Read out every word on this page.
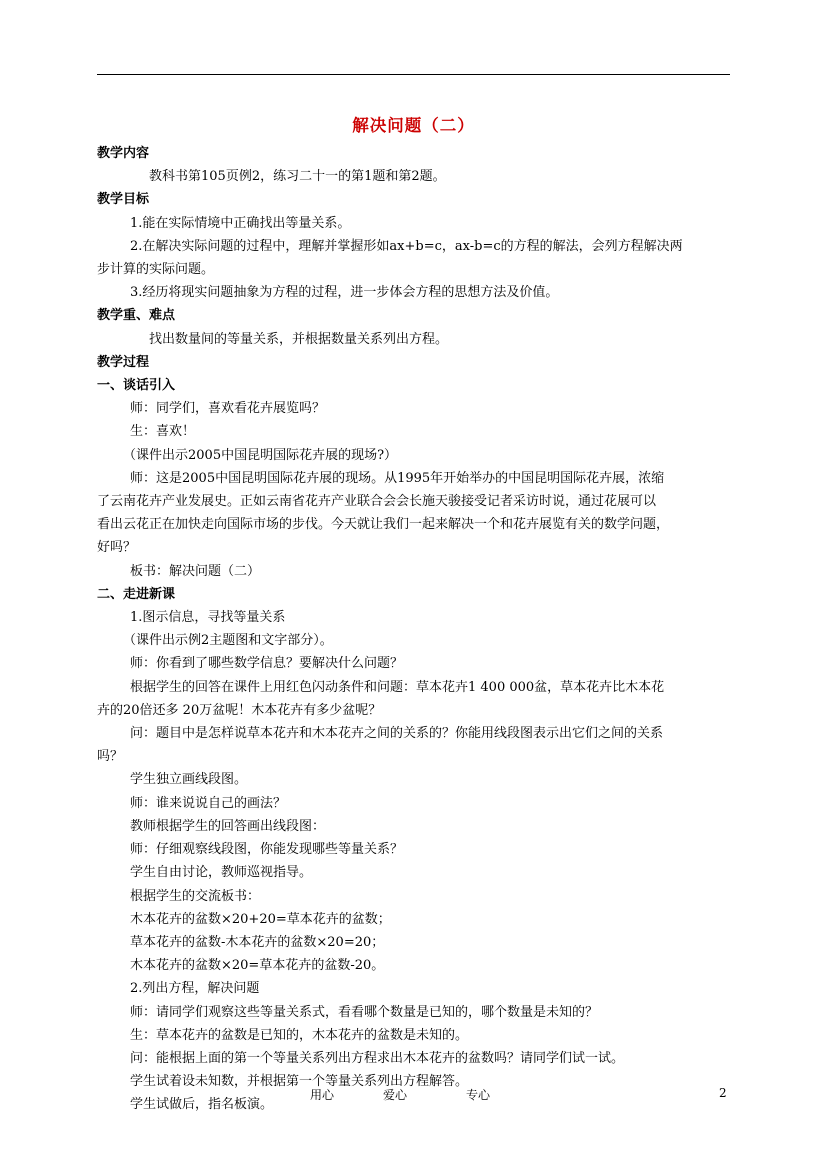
解决问题（二）

教学内容

教科书第105页例2，练习二十一的第1题和第2题。

教学目标

1.能在实际情境中正确找出等量关系。

2.在解决实际问题的过程中，理解并掌握形如ax+b=c，ax-b=c的方程的解法，会列方程解决两

步计算的实际问题。

3.经历将现实问题抽象为方程的过程，进一步体会方程的思想方法及价值。

教学重、难点

找出数量间的等量关系，并根据数量关系列出方程。

教学过程

一、谈话引入

师：同学们，喜欢看花卉展览吗？

生：喜欢！

（课件出示2005中国昆明国际花卉展的现场?）

师：这是2005中国昆明国际花卉展的现场。从1995年开始举办的中国昆明国际花卉展，浓缩

了云南花卉产业发展史。正如云南省花卉产业联合会会长施天骏接受记者采访时说，通过花展可以

看出云花正在加快走向国际市场的步伐。今天就让我们一起来解决一个和花卉展览有关的数学问题，

好吗？

板书：解决问题（二）

二、走进新课

1.图示信息，寻找等量关系

（课件出示例2主题图和文字部分）。

师：你看到了哪些数学信息？要解决什么问题？

根据学生的回答在课件上用红色闪动条件和问题：草本花卉1 400 000盆，草本花卉比木本花

卉的20倍还多 20万盆呢！木本花卉有多少盆呢？

问：题目中是怎样说草本花卉和木本花卉之间的关系的？你能用线段图表示出它们之间的关系

吗？

学生独立画线段图。

师：谁来说说自己的画法？

教师根据学生的回答画出线段图：

师：仔细观察线段图，你能发现哪些等量关系？

学生自由讨论，教师巡视指导。

根据学生的交流板书：

木本花卉的盆数×20+20=草本花卉的盆数；

草本花卉的盆数-木本花卉的盆数×20=20；

木本花卉的盆数×20=草本花卉的盆数-20。

2.列出方程，解决问题

师：请同学们观察这些等量关系式，看看哪个数量是已知的，哪个数量是未知的？

生：草本花卉的盆数是已知的，木本花卉的盆数是未知的。

问：能根据上面的第一个等量关系列出方程求出木本花卉的盆数吗？请同学们试一试。

学生试着设未知数，并根据第一个等量关系列出方程解答。

学生试做后，指名板演。

用心	爱心	专心	2
